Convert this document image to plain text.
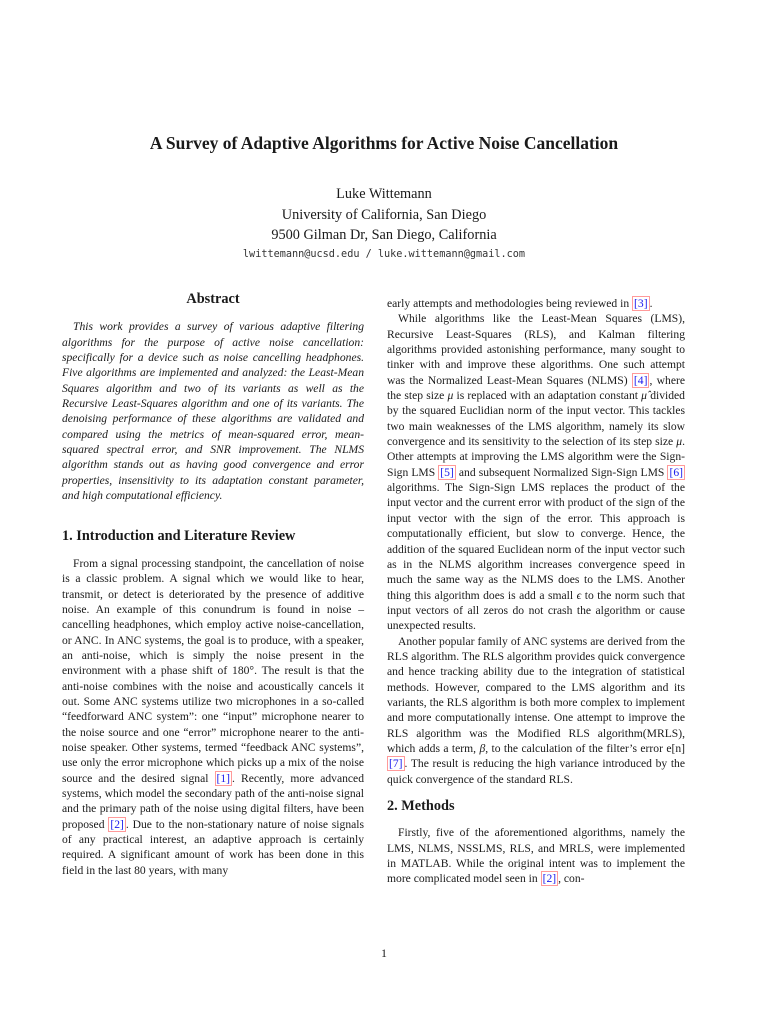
A Survey of Adaptive Algorithms for Active Noise Cancellation
Luke Wittemann
University of California, San Diego
9500 Gilman Dr, San Diego, California
lwittemann@ucsd.edu / luke.wittemann@gmail.com
Abstract

This work provides a survey of various adaptive filtering algorithms for the purpose of active noise cancellation: specifically for a device such as noise cancelling headphones. Five algorithms are implemented and analyzed: the Least-Mean Squares algorithm and two of its variants as well as the Recursive Least-Squares algorithm and one of its variants. The denoising performance of these algorithms are validated and compared using the metrics of mean-squared error, mean-squared spectral error, and SNR improvement. The NLMS algorithm stands out as having good convergence and error properties, insensitivity to its adaptation constant parameter, and high computational efficiency.

1. Introduction and Literature Review

From a signal processing standpoint, the cancellation of noise is a classic problem. A signal which we would like to hear, transmit, or detect is deteriorated by the presence of additive noise. An example of this conundrum is found in noise – cancelling headphones, which employ active noise-cancellation, or ANC. In ANC systems, the goal is to produce, with a speaker, an anti-noise, which is simply the noise present in the environment with a phase shift of 180°. The result is that the anti-noise combines with the noise and acoustically cancels it out. Some ANC systems utilize two microphones in a so-called “feedforward ANC system”: one “input” microphone nearer to the noise source and one “error” microphone nearer to the anti-noise speaker. Other systems, termed “feedback ANC systems”, use only the error microphone which picks up a mix of the noise source and the desired signal [1] . Recently, more advanced systems, which model the secondary path of the anti-noise signal and the primary path of the noise using digital filters, have been proposed [2] . Due to the non-stationary nature of noise signals of any practical interest, an adaptive approach is certainly required. A significant amount of work has been done in this field in the last 80 years, with many

early attempts and methodologies being reviewed in [3] .

While algorithms like the Least-Mean Squares (LMS), Recursive Least-Squares (RLS), and Kalman filtering algorithms provided astonishing performance, many sought to tinker with and improve these algorithms. One such attempt was the Normalized Least-Mean Squares (NLMS) [4] , where the step size μ is replaced with an adaptation constant μ̂ divided by the squared Euclidian norm of the input vector. This tackles two main weaknesses of the LMS algorithm, namely its slow convergence and its sensitivity to the selection of its step size μ. Other attempts at improving the LMS algorithm were the Sign-Sign LMS [5] and subsequent Normalized Sign-Sign LMS [6] algorithms. The Sign-Sign LMS replaces the product of the input vector and the current error with product of the sign of the input vector with the sign of the error. This approach is computationally efficient, but slow to converge. Hence, the addition of the squared Euclidean norm of the input vector such as in the NLMS algorithm increases convergence speed in much the same way as the NLMS does to the LMS. Another thing this algorithm does is add a small ϵ to the norm such that input vectors of all zeros do not crash the algorithm or cause unexpected results.

Another popular family of ANC systems are derived from the RLS algorithm. The RLS algorithm provides quick convergence and hence tracking ability due to the integration of statistical methods. However, compared to the LMS algorithm and its variants, the RLS algorithm is both more complex to implement and more computationally intense. One attempt to improve the RLS algorithm was the Modified RLS algorithm(MRLS), which adds a term, β, to the calculation of the filter’s error e[n] [7] . The result is reducing the high variance introduced by the quick convergence of the standard RLS.

2. Methods

Firstly, five of the aforementioned algorithms, namely the LMS, NLMS, NSSLMS, RLS, and MRLS, were implemented in MATLAB. While the original intent was to implement the more complicated model seen in [2] , con-

1
